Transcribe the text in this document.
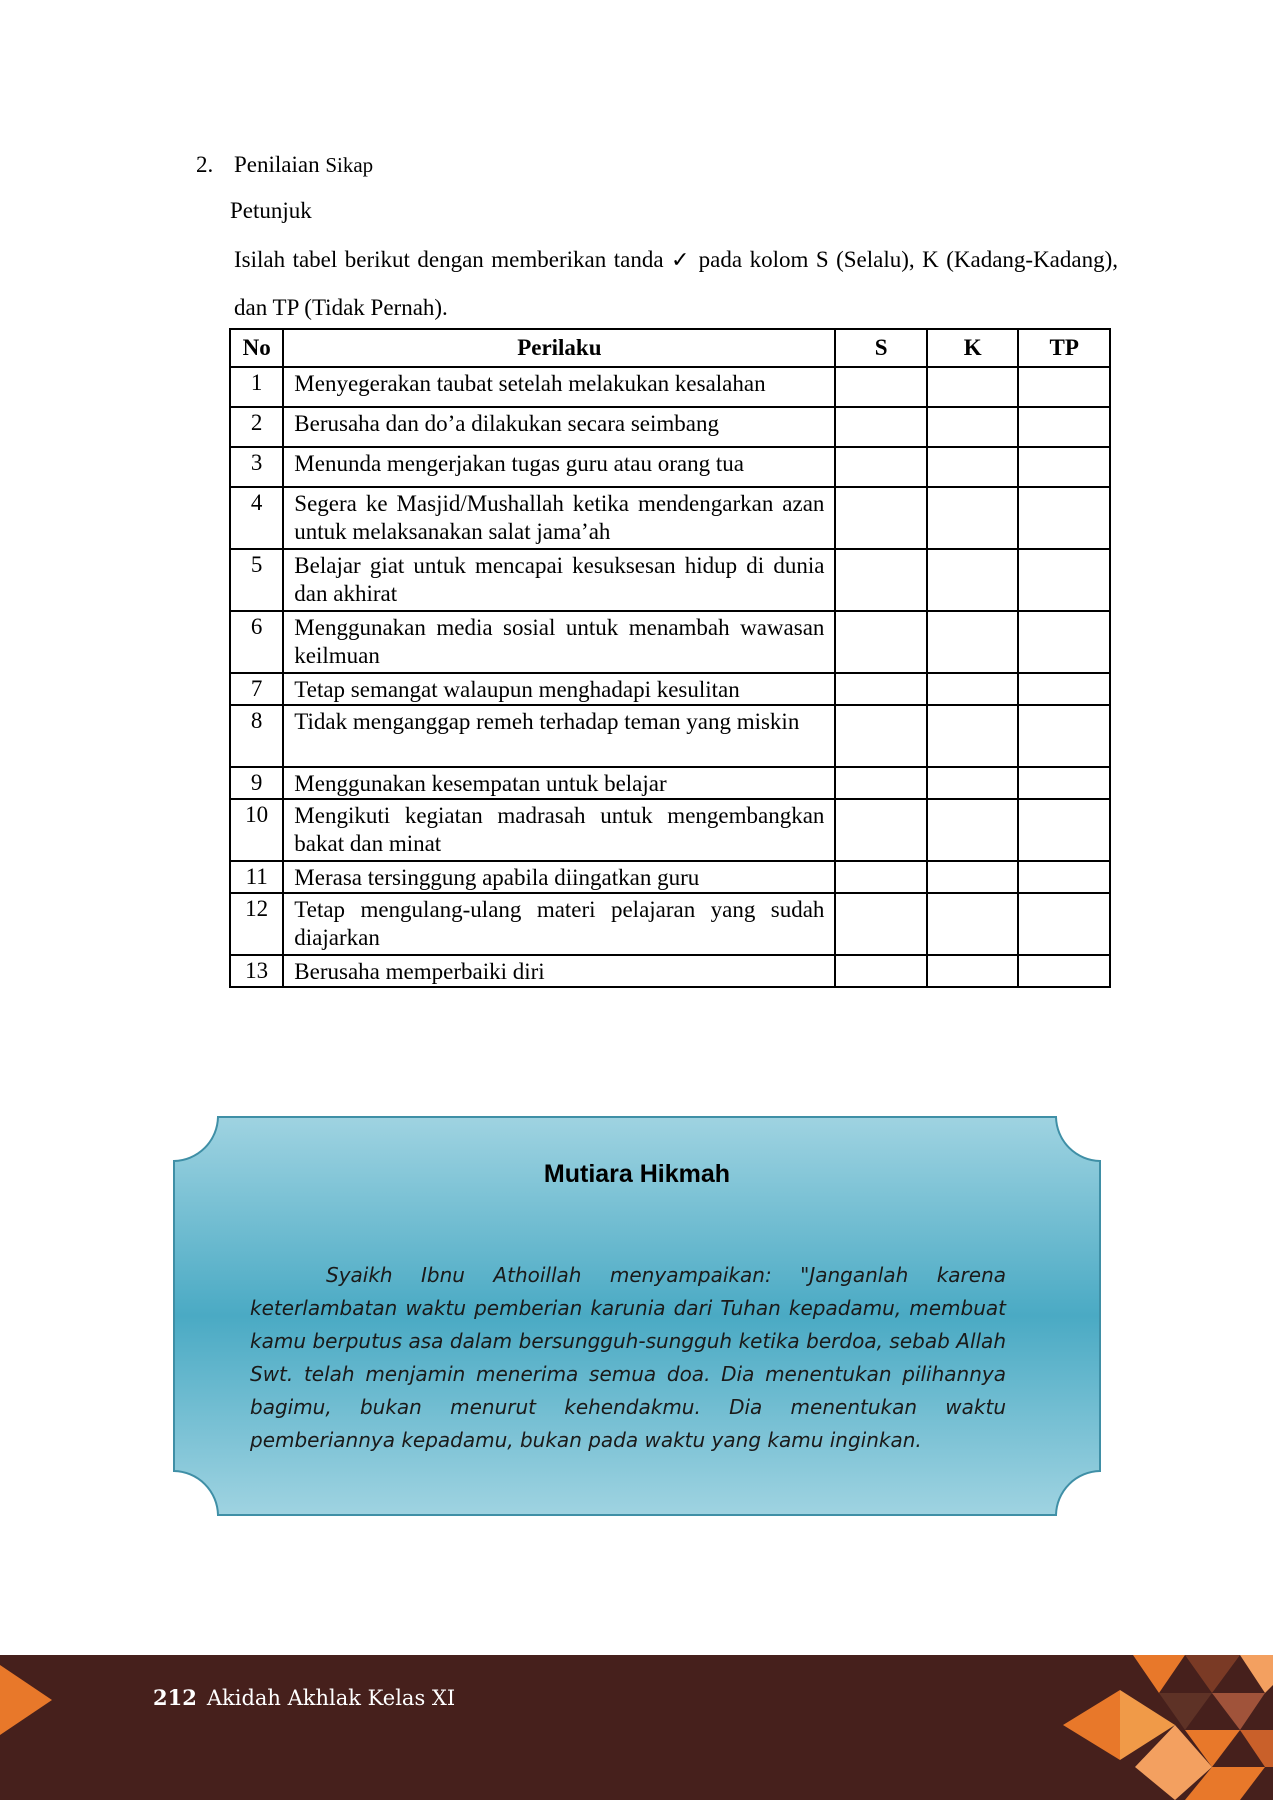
2. Penilaian Sikap
Petunjuk
Isilah tabel berikut dengan memberikan tanda ✓ pada kolom S (Selalu), K (Kadang-Kadang), dan TP (Tidak Pernah).
No	Perilaku	S	K	TP
1	Menyegerakan taubat setelah melakukan kesalahan			
2	Berusaha dan do’a dilakukan secara seimbang			
3	Menunda mengerjakan tugas guru atau orang tua			
4	Segera ke Masjid/Mushallah ketika mendengarkan azan untuk melaksanakan salat jama’ah			
5	Belajar giat untuk mencapai kesuksesan hidup di dunia dan akhirat			
6	Menggunakan media sosial untuk menambah wawasan keilmuan			
7	Tetap semangat walaupun menghadapi kesulitan			
8	Tidak menganggap remeh terhadap teman yang miskin			
9	Menggunakan kesempatan untuk belajar			
10	Mengikuti kegiatan madrasah untuk mengembangkan bakat dan minat			
11	Merasa tersinggung apabila diingatkan guru			
12	Tetap mengulang-ulang materi pelajaran yang sudah diajarkan			
13	Berusaha memperbaiki diri			
Mutiara Hikmah
Syaikh Ibnu Athoillah menyampaikan: "Janganlah karena keterlambatan waktu pemberian karunia dari Tuhan kepadamu, membuat kamu berputus asa dalam bersungguh-sungguh ketika berdoa, sebab Allah Swt. telah menjamin menerima semua doa. Dia menentukan pilihannya bagimu, bukan menurut kehendakmu. Dia menentukan waktu pemberiannya kepadamu, bukan pada waktu yang kamu inginkan.
212 Akidah Akhlak Kelas XI
